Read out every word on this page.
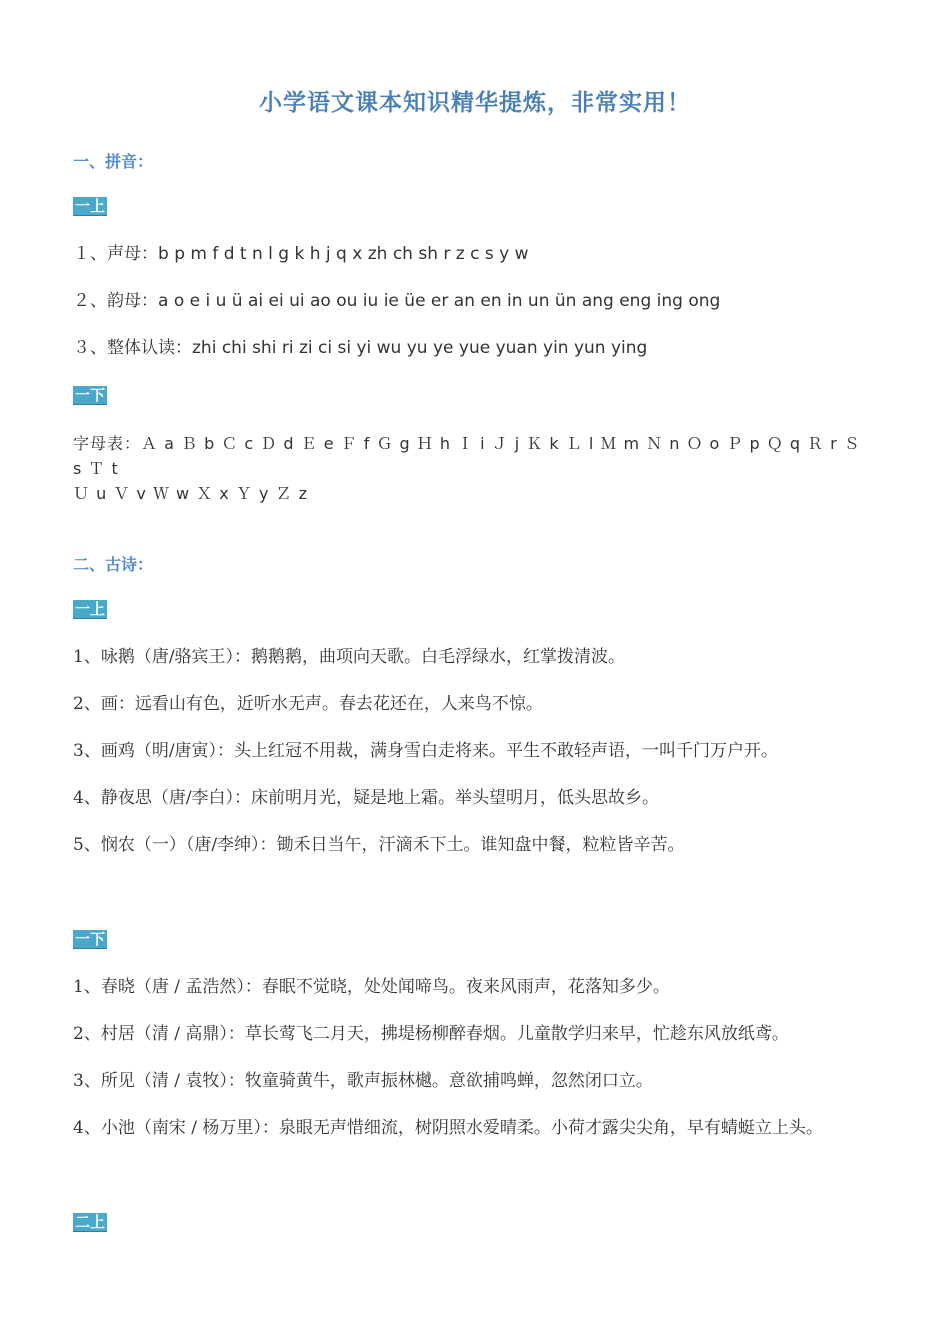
小学语文课本知识精华提炼，非常实用！
一、拼音：
一上
１、声母：b p m f d t n l g k h j q x zh ch sh r z c s y w
２、韵母：a o e i u ü ai ei ui ao ou iu ie üe er an en in un ün ang eng ing ong
３、整体认读：zhi chi shi ri zi ci si yi wu yu ye yue yuan yin yun ying
一下
字母表：Ａ a Ｂ b Ｃ c Ｄ d Ｅ e Ｆ f Ｇ g Ｈ h Ｉ i Ｊ j Ｋ k Ｌ l Ｍ m Ｎ n Ｏ o Ｐ p Ｑ q Ｒ r Ｓ s Ｔ t
Ｕ u Ｖ v Ｗ w Ｘ x Ｙ y Ｚ z
二、古诗：
一上
1、咏鹅（唐/骆宾王）：鹅鹅鹅，曲项向天歌。白毛浮绿水，红掌拨清波。
2、画：远看山有色，近听水无声。春去花还在，人来鸟不惊。
3、画鸡（明/唐寅）：头上红冠不用裁，满身雪白走将来。平生不敢轻声语，一叫千门万户开。
4、静夜思（唐/李白）：床前明月光，疑是地上霜。举头望明月，低头思故乡。
5、悯农（一）（唐/李绅）：锄禾日当午，汗滴禾下土。谁知盘中餐，粒粒皆辛苦。
一下
1、春晓（唐 / 孟浩然）：春眠不觉晓，处处闻啼鸟。夜来风雨声，花落知多少。
2、村居（清 / 高鼎）：草长莺飞二月天，拂堤杨柳醉春烟。儿童散学归来早，忙趁东风放纸鸢。
3、所见（清 / 袁牧）：牧童骑黄牛，歌声振林樾。意欲捕鸣蝉，忽然闭口立。
4、小池（南宋 / 杨万里）：泉眼无声惜细流，树阴照水爱晴柔。小荷才露尖尖角，早有蜻蜓立上头。
二上
